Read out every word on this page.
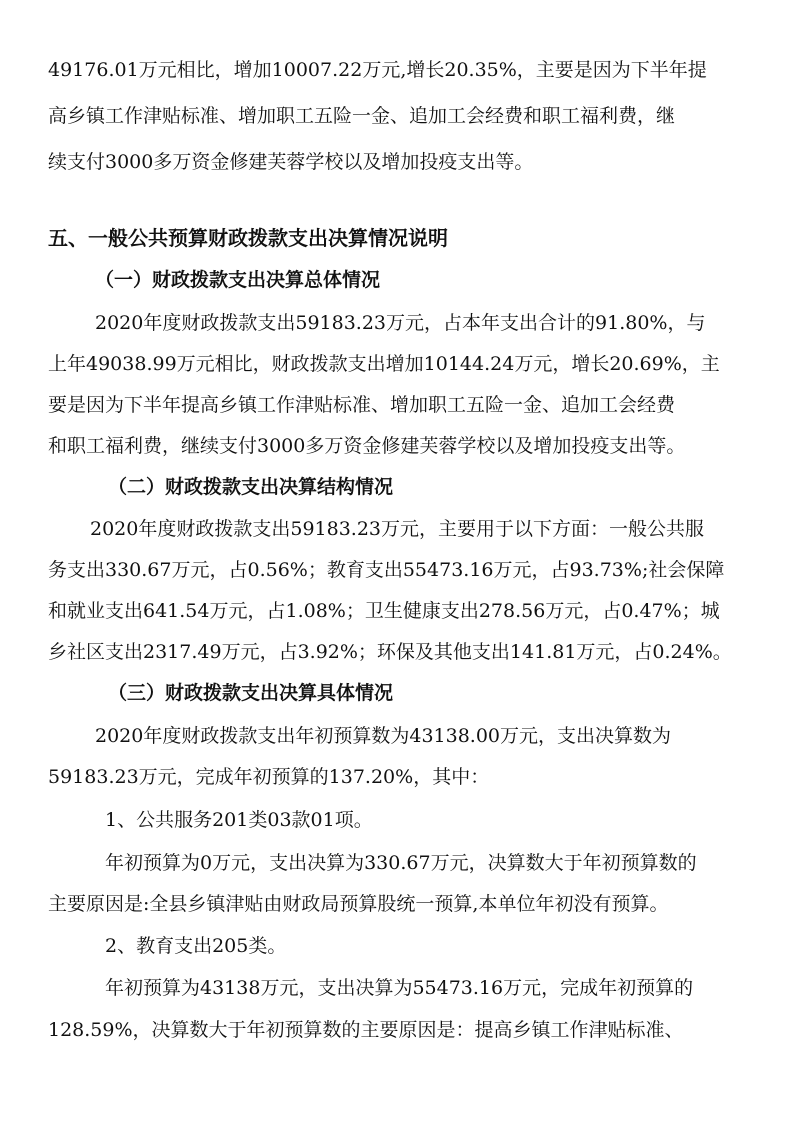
49176.01万元相比，增加10007.22万元,增长20.35%，主要是因为下半年提

高乡镇工作津贴标准、增加职工五险一金、追加工会经费和职工福利费，继

续支付3000多万资金修建芙蓉学校以及增加投疫支出等。

五、一般公共预算财政拨款支出决算情况说明

（一）财政拨款支出决算总体情况

2020年度财政拨款支出59183.23万元，占本年支出合计的91.80%，与

上年49038.99万元相比，财政拨款支出增加10144.24万元，增长20.69%，主

要是因为下半年提高乡镇工作津贴标准、增加职工五险一金、追加工会经费

和职工福利费，继续支付3000多万资金修建芙蓉学校以及增加投疫支出等。

（二）财政拨款支出决算结构情况

2020年度财政拨款支出59183.23万元，主要用于以下方面：一般公共服

务支出330.67万元，占0.56%；教育支出55473.16万元，占93.73%;社会保障

和就业支出641.54万元，占1.08%；卫生健康支出278.56万元，占0.47%；城

乡社区支出2317.49万元，占3.92%；环保及其他支出141.81万元，占0.24%。

（三）财政拨款支出决算具体情况

2020年度财政拨款支出年初预算数为43138.00万元，支出决算数为

59183.23万元，完成年初预算的137.20%，其中：

1、公共服务201类03款01项。

年初预算为0万元，支出决算为330.67万元，决算数大于年初预算数的

主要原因是:全县乡镇津贴由财政局预算股统一预算,本单位年初没有预算。

2、教育支出205类。

年初预算为43138万元，支出决算为55473.16万元，完成年初预算的

128.59%，决算数大于年初预算数的主要原因是：提高乡镇工作津贴标准、
